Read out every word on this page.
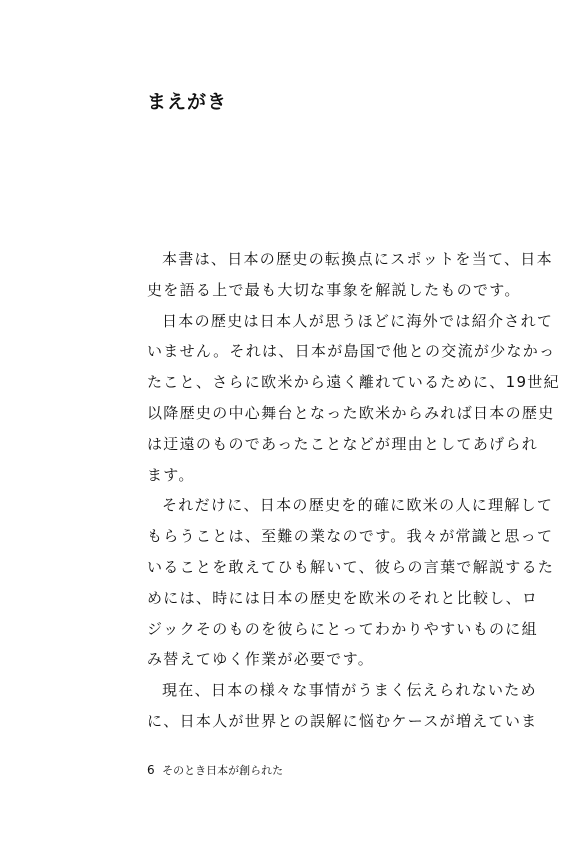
まえがき

本書は、日本の歴史の転換点にスポットを当て、日本
史を語る上で最も大切な事象を解説したものです。

日本の歴史は日本人が思うほどに海外では紹介されて
いません。それは、日本が島国で他との交流が少なかっ
たこと、さらに欧米から遠く離れているために、19世紀
以降歴史の中心舞台となった欧米からみれば日本の歴史
は迂遠のものであったことなどが理由としてあげられ
ます。

それだけに、日本の歴史を的確に欧米の人に理解して
もらうことは、至難の業なのです。我々が常識と思って
いることを敢えてひも解いて、彼らの言葉で解説するた
めには、時には日本の歴史を欧米のそれと比較し、ロ
ジックそのものを彼らにとってわかりやすいものに組
み替えてゆく作業が必要です。

現在、日本の様々な事情がうまく伝えられないため
に、日本人が世界との誤解に悩むケースが増えていま

6 そのとき日本が創られた
